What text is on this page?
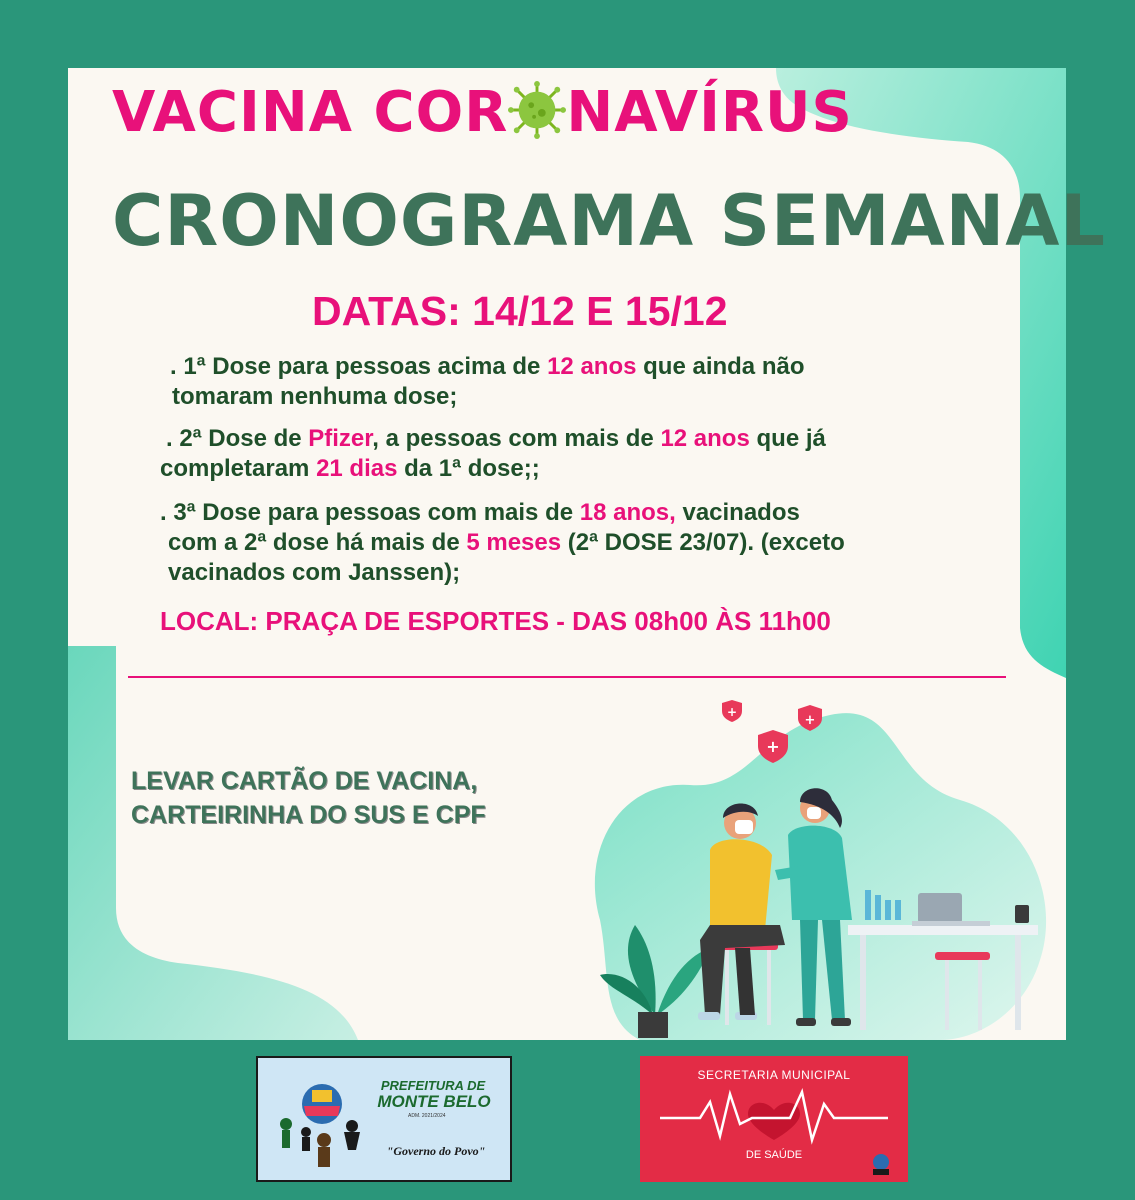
VACINA COR NAVÍRUS
CRONOGRAMA SEMANAL
DATAS: 14/12 E 15/12
. 1ª Dose para pessoas acima de 12 anos que ainda não
tomaram nenhuma dose;
. 2ª Dose de Pfizer, a pessoas com mais de 12 anos que já
completaram 21 dias da 1ª dose;;
. 3ª Dose para pessoas com mais de 18 anos, vacinados
com a 2ª dose há mais de 5 meses (2ª DOSE 23/07). (exceto
vacinados com Janssen);
LOCAL: PRAÇA DE ESPORTES - DAS 08h00 ÀS 11h00
LEVAR CARTÃO DE VACINA,
CARTEIRINHA DO SUS E CPF
+
+
+
PREFEITURA DE
MONTE BELO
ADM. 2021/2024
"Governo do Povo"
SECRETARIA MUNICIPAL
DE SAÚDE
